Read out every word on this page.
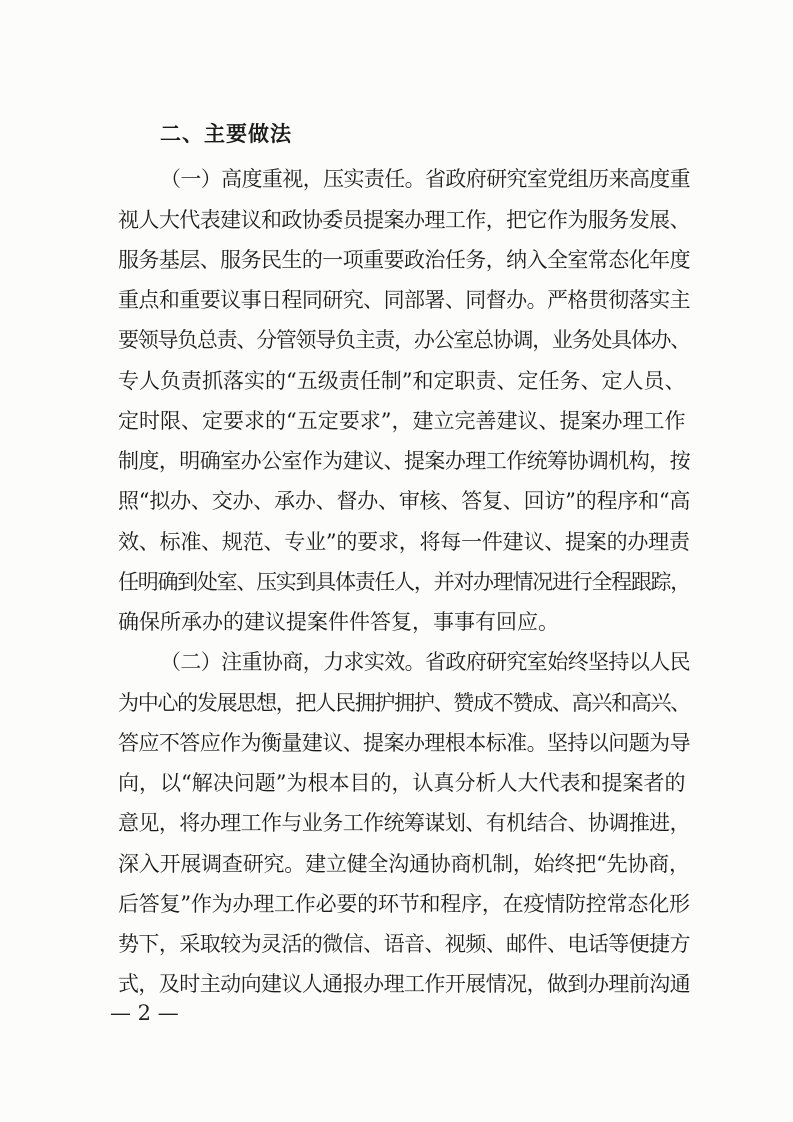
二、主要做法
（一）高度重视，压实责任。省政府研究室党组历来高度重
视人大代表建议和政协委员提案办理工作，把它作为服务发展、
服务基层、服务民生的一项重要政治任务，纳入全室常态化年度
重点和重要议事日程同研究、同部署、同督办。严格贯彻落实主
要领导负总责、分管领导负主责，办公室总协调，业务处具体办、
专人负责抓落实的“五级责任制”和定职责、定任务、定人员、
定时限、定要求的“五定要求”，建立完善建议、提案办理工作
制度，明确室办公室作为建议、提案办理工作统筹协调机构，按
照“拟办、交办、承办、督办、审核、答复、回访”的程序和“高
效、标准、规范、专业”的要求，将每一件建议、提案的办理责
任明确到处室、压实到具体责任人，并对办理情况进行全程跟踪，
确保所承办的建议提案件件答复，事事有回应。
（二）注重协商，力求实效。省政府研究室始终坚持以人民
为中心的发展思想，把人民拥护拥护、赞成不赞成、高兴和高兴、
答应不答应作为衡量建议、提案办理根本标准。坚持以问题为导
向，以“解决问题”为根本目的，认真分析人大代表和提案者的
意见，将办理工作与业务工作统筹谋划、有机结合、协调推进，
深入开展调查研究。建立健全沟通协商机制，始终把“先协商，
后答复”作为办理工作必要的环节和程序，在疫情防控常态化形
势下，采取较为灵活的微信、语音、视频、邮件、电话等便捷方
式，及时主动向建议人通报办理工作开展情况，做到办理前沟通
— 2 —
